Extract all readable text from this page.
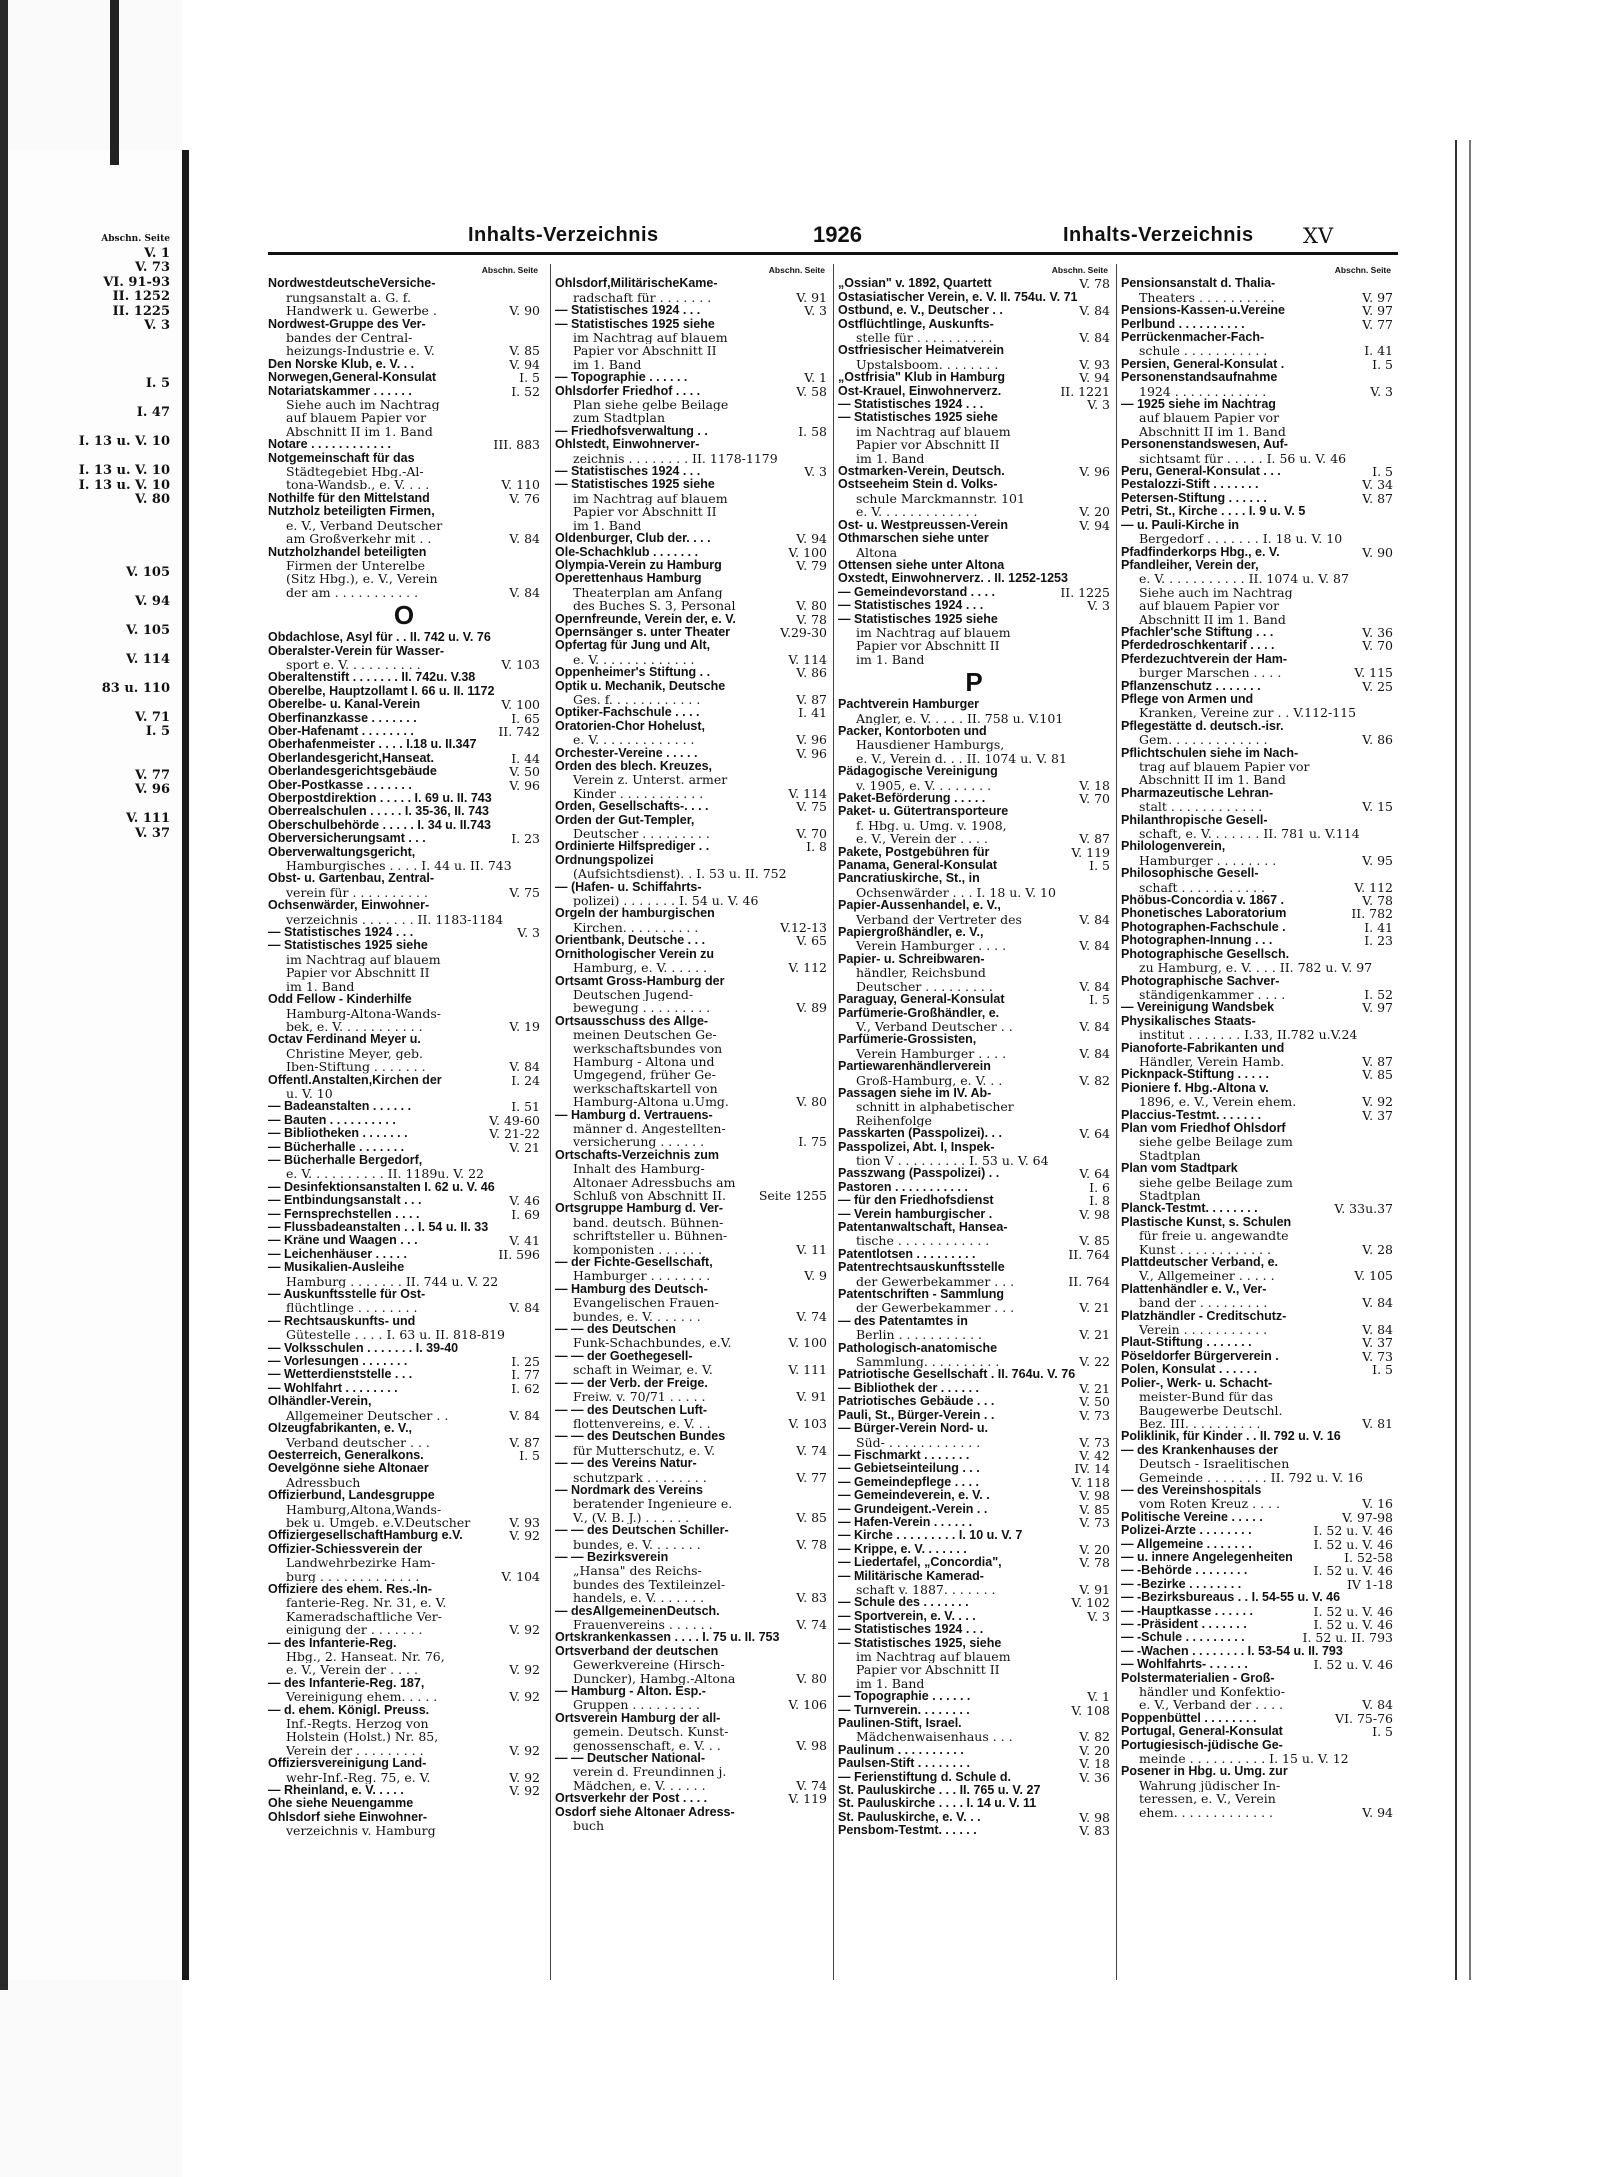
Abschn. Seite
V. 1
V. 73
VI. 91-93
II. 1252
II. 1225
V. 3
I. 5
I. 47
I. 13 u. V. 10
I. 13 u. V. 10
I. 13 u. V. 10
V. 80
V. 105
V. 94
V. 105
V. 114
83 u. 110
V. 71
I. 5
V. 77
V. 96
V. 111
V. 37
Inhalts-Verzeichnis	1926	Inhalts-Verzeichnis XV
Abschn. Seite
NordwestdeutscheVersiche-
rungsanstalt a. G. f.
V. 90
Handwerk u. Gewerbe .
Nordwest-Gruppe des Ver-
bandes der Central-
V. 85
heizungs-Industrie e. V.
V. 94
Den Norske Klub, e. V. . .
I. 5
Norwegen,General-Konsulat
I. 52
Notariatskammer . . . . . .
Siehe auch im Nachtrag
auf blauem Papier vor
Abschnitt II im 1. Band
III. 883
Notare . . . . . . . . . . . .
Notgemeinschaft für das
Städtegebiet Hbg.-Al-
V. 110
tona-Wandsb., e. V. . . .
V. 76
Nothilfe für den Mittelstand
Nutzholz beteiligten Firmen,
e. V., Verband Deutscher
V. 84
am Großverkehr mit . .
Nutzholzhandel beteiligten
Firmen der Unterelbe
(Sitz Hbg.), e. V., Verein
V. 84
der am . . . . . . . . . . .
O
Obdachlose, Asyl für . . II. 742 u. V. 76
Oberalster-Verein für Wasser-
V. 103
sport e. V. . . . . . . . . .
Oberaltenstift . . . . . . . II. 742u. V.38
Oberelbe, Hauptzollamt I. 66 u. II. 1172
V. 100
Oberelbe- u. Kanal-Verein
I. 65
Oberfinanzkasse . . . . . . .
II. 742
Ober-Hafenamt . . . . . . . .
Oberhafenmeister . . . . I.18 u. II.347
I. 44
Oberlandesgericht,Hanseat.
V. 50
Oberlandesgerichtsgebäude
V. 96
Ober-Postkasse . . . . . . .
Oberpostdirektion . . . . . I. 69 u. II. 743
Oberrealschulen . . . . . I. 35-36, II. 743
Oberschulbehörde . . . . . I. 34 u. II.743
I. 23
Oberversicherungsamt . . .
Oberverwaltungsgericht,
Hamburgisches . . . . I. 44 u. II. 743
Obst- u. Gartenbau, Zentral-
V. 75
verein für . . . . . . . . . .
Ochsenwärder, Einwohner-
verzeichnis . . . . . . . II. 1183-1184
V. 3
— Statistisches 1924 . . .
— Statistisches 1925 siehe
im Nachtrag auf blauem
Papier vor Abschnitt II
im 1. Band
Odd Fellow - Kinderhilfe
Hamburg-Altona-Wands-
V. 19
bek, e. V. . . . . . . . . . .
Octav Ferdinand Meyer u.
Christine Meyer, geb.
V. 84
Iben-Stiftung . . . . . . .
I. 24
Öffentl.Anstalten,Kirchen der
u. V. 10
I. 51
— Badeanstalten . . . . . .
V. 49-60
— Bauten . . . . . . . . . .
V. 21-22
— Bibliotheken . . . . . . .
V. 21
— Bücherhalle . . . . . . .
— Bücherhalle Bergedorf,
e. V. . . . . . . . . . II. 1189u. V. 22
— Desinfektionsanstalten I. 62 u. V. 46
V. 46
— Entbindungsanstalt . . .
I. 69
— Fernsprechstellen . . . .
— Flussbadeanstalten . . I. 54 u. II. 33
V. 41
— Kräne und Waagen . . .
II. 596
— Leichenhäuser . . . . .
— Musikalien-Ausleihe
Hamburg . . . . . . . II. 744 u. V. 22
— Auskunftsstelle für Ost-
V. 84
flüchtlinge . . . . . . . .
— Rechtsauskunfts- und
Gütestelle . . . . I. 63 u. II. 818-819
— Volksschulen . . . . . . . I. 39-40
I. 25
— Vorlesungen . . . . . . .
I. 77
— Wetterdienststelle . . .
I. 62
— Wohlfahrt . . . . . . . .
Ölhändler-Verein,
V. 84
Allgemeiner Deutscher . .
Ölzeugfabrikanten, e. V.,
V. 87
Verband deutscher . . .
I. 5
Oesterreich, Generalkons.
Oevelgönne siehe Altonaer
Adressbuch
Offizierbund, Landesgruppe
Hamburg,Altona,Wands-
V. 93
bek u. Umgeb. e.V.Deutscher
V. 92
OffiziergesellschaftHamburg e.V.
Offizier-Schiessverein der
Landwehrbezirke Ham-
V. 104
burg . . . . . . . . . . . . .
Offiziere des ehem. Res.-In-
fanterie-Reg. Nr. 31, e. V.
Kameradschaftliche Ver-
V. 92
einigung der . . . . . . .
— des Infanterie-Reg.
Hbg., 2. Hanseat. Nr. 76,
V. 92
e. V., Verein der . . . .
— des Infanterie-Reg. 187,
V. 92
Vereinigung ehem. . . . .
— d. ehem. Königl. Preuss.
Inf.-Regts. Herzog von
Holstein (Holst.) Nr. 85,
V. 92
Verein der . . . . . . . . .
Offiziersvereinigung Land-
V. 92
wehr-Inf.-Reg. 75, e. V.
V. 92
— Rheinland, e. V. . . . .
Ohe siehe Neuengamme
Ohlsdorf siehe Einwohner-
verzeichnis v. Hamburg
Abschn. Seite
Ohlsdorf,MilitärischeKame-
V. 91
radschaft für . . . . . . .
V. 3
— Statistisches 1924 . . .
— Statistisches 1925 siehe
im Nachtrag auf blauem
Papier vor Abschnitt II
im 1. Band
V. 1
— Topographie . . . . . .
V. 58
Ohlsdorfer Friedhof . . . .
Plan siehe gelbe Beilage
zum Stadtplan
I. 58
— Friedhofsverwaltung . .
Ohlstedt, Einwohnerver-
zeichnis . . . . . . . . II. 1178-1179
V. 3
— Statistisches 1924 . . .
— Statistisches 1925 siehe
im Nachtrag auf blauem
Papier vor Abschnitt II
im 1. Band
V. 94
Oldenburger, Club der. . . .
V. 100
Ole-Schachklub . . . . . . .
V. 79
Olympia-Verein zu Hamburg
Operettenhaus Hamburg
Theaterplan am Anfang
V. 80
des Buches S. 3, Personal
V. 78
Opernfreunde, Verein der, e. V.
V.29-30
Opernsänger s. unter Theater
Opfertag für Jung und Alt,
V. 114
e. V. . . . . . . . . . . . .
V. 86
Oppenheimer's Stiftung . .
Optik u. Mechanik, Deutsche
V. 87
Ges. f. . . . . . . . . . . .
I. 41
Optiker-Fachschule . . . .
Oratorien-Chor Hohelust,
V. 96
e. V. . . . . . . . . . . . .
V. 96
Orchester-Vereine . . . . .
Orden des blech. Kreuzes,
Verein z. Unterst. armer
V. 114
Kinder . . . . . . . . . . .
V. 75
Orden, Gesellschafts-. . . .
Orden der Gut-Templer,
V. 70
Deutscher . . . . . . . . .
I. 8
Ordinierte Hilfsprediger . .
Ordnungspolizei
(Aufsichtsdienst). . I. 53 u. II. 752
— (Hafen- u. Schiffahrts-
polizei) . . . . . . . I. 54 u. V. 46
Orgeln der hamburgischen
V.12-13
Kirchen. . . . . . . . . .
V. 65
Orientbank, Deutsche . . .
Ornithologischer Verein zu
V. 112
Hamburg, e. V. . . . . .
Ortsamt Gross-Hamburg der
Deutschen Jugend-
V. 89
bewegung . . . . . . . . .
Ortsausschuss des Allge-
meinen Deutschen Ge-
werkschaftsbundes von
Hamburg - Altona und
Umgegend, früher Ge-
werkschaftskartell von
V. 80
Hamburg-Altona u.Umg.
— Hamburg d. Vertrauens-
männer d. Angestellten-
I. 75
versicherung . . . . . .
Ortschafts-Verzeichnis zum
Inhalt des Hamburg-
Altonaer Adressbuchs am
Seite 1255
Schluß von Abschnitt II.
Ortsgruppe Hamburg d. Ver-
band. deutsch. Bühnen-
schriftsteller u. Bühnen-
V. 11
komponisten . . . . . .
— der Fichte-Gesellschaft,
V. 9
Hamburger . . . . . . . .
— Hamburg des Deutsch-
Evangelischen Frauen-
V. 74
bundes, e. V. . . . . . .
— — des Deutschen
V. 100
Funk-Schachbundes, e.V.
— — der Goethegesell-
V. 111
schaft in Weimar, e. V.
— — der Verb. der Freige.
V. 91
Freiw. v. 70/71 . . . . .
— — des Deutschen Luft-
V. 103
flottenvereins, e. V. . .
— — des Deutschen Bundes
V. 74
für Mutterschutz, e. V.
— — des Vereins Natur-
V. 77
schutzpark . . . . . . . .
— Nordmark des Vereins
beratender Ingenieure e.
V. 85
V., (V. B. J.) . . . . . .
— — des Deutschen Schiller-
V. 78
bundes, e. V. . . . . . .
— — Bezirksverein
„Hansa" des Reichs-
bundes des Textileinzel-
V. 83
handels, e. V. . . . . . .
— desAllgemeinenDeutsch.
V. 74
Frauenvereins . . . . . .
Ortskrankenkassen . . . . I. 75 u. II. 753
Ortsverband der deutschen
Gewerkvereine (Hirsch-
V. 80
Duncker), Hambg.-Altona
— Hamburg - Alton. Esp.-
V. 106
Gruppen . . . . . . . . .
Ortsverein Hamburg der all-
gemein. Deutsch. Kunst-
V. 98
genossenschaft, e. V. . .
— — Deutscher National-
verein d. Freundinnen j.
V. 74
Mädchen, e. V. . . . . .
V. 119
Ortsverkehr der Post . . . .
Osdorf siehe Altonaer Adress-
buch
Abschn. Seite
V. 78
„Ossian" v. 1892, Quartett
Ostasiatischer Verein, e. V. II. 754u. V. 71
V. 84
Ostbund, e. V., Deutscher . .
Ostflüchtlinge, Auskunfts-
V. 84
stelle für . . . . . . . . . .
Ostfriesischer Heimatverein
V. 93
Upstalsboom. . . . . . . .
V. 94
„Ostfrisia" Klub in Hamburg
II. 1221
Ost-Krauel, Einwohnerverz.
V. 3
— Statistisches 1924 . . .
— Statistisches 1925 siehe
im Nachtrag auf blauem
Papier vor Abschnitt II
im 1. Band
V. 96
Ostmarken-Verein, Deutsch.
Ostseeheim Stein d. Volks-
schule Marckmannstr. 101
V. 20
e. V. . . . . . . . . . . . .
V. 94
Ost- u. Westpreussen-Verein
Othmarschen siehe unter
Altona
Ottensen siehe unter Altona
Oxstedt, Einwohnerverz. . II. 1252-1253
II. 1225
— Gemeindevorstand . . . .
V. 3
— Statistisches 1924 . . .
— Statistisches 1925 siehe
im Nachtrag auf blauem
Papier vor Abschnitt II
im 1. Band
P
Pachtverein Hamburger
Angler, e. V. . . . . II. 758 u. V.101
Packer, Kontorboten und
Hausdiener Hamburgs,
e. V., Verein d. . . II. 1074 u. V. 81
Pädagogische Vereinigung
V. 18
v. 1905, e. V. . . . . . . .
V. 70
Paket-Beförderung . . . . .
Paket- u. Gütertransporteure
f. Hbg. u. Umg. v. 1908,
V. 87
e. V., Verein der . . . .
V. 119
Pakete, Postgebühren für
I. 5
Panama, General-Konsulat
Pancratiuskirche, St., in
Ochsenwärder . . . I. 18 u. V. 10
Papier-Aussenhandel, e. V.,
V. 84
Verband der Vertreter des
Papiergroßhändler, e. V.,
V. 84
Verein Hamburger . . . .
Papier- u. Schreibwaren-
händler, Reichsbund
V. 84
Deutscher . . . . . . . . .
I. 5
Paraguay, General-Konsulat
Parfümerie-Großhändler, e.
V. 84
V., Verband Deutscher . .
Parfümerie-Grossisten,
V. 84
Verein Hamburger . . . .
Partiewarenhändlerverein
V. 82
Groß-Hamburg, e. V. . .
Passagen siehe im IV. Ab-
schnitt in alphabetischer
Reihenfolge
V. 64
Passkarten (Passpolizei). . .
Passpolizei, Abt. I, Inspek-
tion V . . . . . . . . . I. 53 u. V. 64
V. 64
Passzwang (Passpolizei) . .
I. 6
Pastoren . . . . . . . . . . .
I. 8
— für den Friedhofsdienst
V. 98
— Verein hamburgischer .
Patentanwaltschaft, Hansea-
V. 85
tische . . . . . . . . . . . .
II. 764
Patentlotsen . . . . . . . . .
Patentrechtsauskunftsstelle
II. 764
der Gewerbekammer . . .
Patentschriften - Sammlung
V. 21
der Gewerbekammer . . .
— des Patentamtes in
V. 21
Berlin . . . . . . . . . . .
Pathologisch-anatomische
V. 22
Sammlung. . . . . . . . . .
Patriotische Gesellschaft . II. 764u. V. 76
V. 21
— Bibliothek der . . . . . .
V. 50
Patriotisches Gebäude . . .
V. 73
Pauli, St., Bürger-Verein . .
— Bürger-Verein Nord- u.
V. 73
Süd- . . . . . . . . . . . .
V. 42
— Fischmarkt . . . . . . .
IV. 14
— Gebietseinteilung . . .
V. 118
— Gemeindepflege . . . .
V. 98
— Gemeindeverein, e. V. .
V. 85
— Grundeigent.-Verein . .
V. 73
— Hafen-Verein . . . . . .
— Kirche . . . . . . . . . I. 10 u. V. 7
V. 20
— Krippe, e. V. . . . . . .
V. 78
— Liedertafel, „Concordia",
— Militärische Kamerad-
V. 91
schaft v. 1887. . . . . . .
V. 102
— Schule des . . . . . . .
V. 3
— Sportverein, e. V. . . .
— Statistisches 1924 . . .
— Statistisches 1925, siehe
im Nachtrag auf blauem
Papier vor Abschnitt II
im 1. Band
V. 1
— Topographie . . . . . .
V. 108
— Turnverein. . . . . . . .
Paulinen-Stift, Israel.
V. 82
Mädchenwaisenhaus . . .
V. 20
Paulinum . . . . . . . . . .
V. 18
Paulsen-Stift . . . . . . . .
V. 36
— Ferienstiftung d. Schule d.
St. Pauluskirche . . . II. 765 u. V. 27
St. Pauluskirche . . . . I. 14 u. V. 11
V. 98
St. Pauluskirche, e. V. . .
V. 83
Pensbom-Testmt. . . . . .
Abschn. Seite
Pensionsanstalt d. Thalia-
V. 97
Theaters . . . . . . . . . .
V. 97
Pensions-Kassen-u.Vereine
V. 77
Perlbund . . . . . . . . . .
Perrückenmacher-Fach-
I. 41
schule . . . . . . . . . . .
I. 5
Persien, General-Konsulat .
Personenstandsaufnahme
V. 3
1924 . . . . . . . . . . . .
— 1925 siehe im Nachtrag
auf blauem Papier vor
Abschnitt II im 1. Band
Personenstandswesen, Auf-
sichtsamt für . . . . . I. 56 u. V. 46
I. 5
Peru, General-Konsulat . . .
V. 34
Pestalozzi-Stift . . . . . . .
V. 87
Petersen-Stiftung . . . . . .
Petri, St., Kirche . . . . I. 9 u. V. 5
— u. Pauli-Kirche in
Bergedorf . . . . . . . I. 18 u. V. 10
V. 90
Pfadfinderkorps Hbg., e. V.
Pfandleiher, Verein der,
e. V. . . . . . . . . . . II. 1074 u. V. 87
Siehe auch im Nachtrag
auf blauem Papier vor
Abschnitt II im 1. Band
V. 36
Pfachler'sche Stiftung . . .
V. 70
Pferdedroschkentarif . . . .
Pferdezuchtverein der Ham-
V. 115
burger Marschen . . . .
V. 25
Pflanzenschutz . . . . . . .
Pflege von Armen und
Kranken, Vereine zur . . V.112-115
Pflegestätte d. deutsch.-isr.
V. 86
Gem. . . . . . . . . . . . .
Pflichtschulen siehe im Nach-
trag auf blauem Papier vor
Abschnitt II im 1. Band
Pharmazeutische Lehran-
V. 15
stalt . . . . . . . . . . . .
Philanthropische Gesell-
schaft, e. V. . . . . . . II. 781 u. V.114
Philologenverein,
V. 95
Hamburger . . . . . . . .
Philosophische Gesell-
V. 112
schaft . . . . . . . . . . .
V. 78
Phöbus-Concordia v. 1867 .
II. 782
Phonetisches Laboratorium
I. 41
Photographen-Fachschule .
I. 23
Photographen-Innung . . .
Photographische Gesellsch.
zu Hamburg, e. V. . . . II. 782 u. V. 97
Photographische Sachver-
I. 52
ständigenkammer . . . .
V. 97
— Vereinigung Wandsbek
Physikalisches Staats-
institut . . . . . . . I.33, II.782 u.V.24
Pianoforte-Fabrikanten und
V. 87
Händler, Verein Hamb.
V. 85
Picknpack-Stiftung . . . . .
Pioniere f. Hbg.-Altona v.
V. 92
1896, e. V., Verein ehem.
V. 37
Placcius-Testmt. . . . . . .
Plan vom Friedhof Ohlsdorf
siehe gelbe Beilage zum
Stadtplan
Plan vom Stadtpark
siehe gelbe Beilage zum
Stadtplan
V. 33u.37
Planck-Testmt. . . . . . . .
Plastische Kunst, s. Schulen
für freie u. angewandte
V. 28
Kunst . . . . . . . . . . . .
Plattdeutscher Verband, e.
V. 105
V., Allgemeiner . . . . .
Plattenhändler e. V., Ver-
V. 84
band der . . . . . . . . .
Platzhändler - Creditschutz-
V. 84
Verein . . . . . . . . . . .
V. 37
Plaut-Stiftung . . . . . . .
V. 73
Pöseldorfer Bürgerverein .
I. 5
Polen, Konsulat . . . . . .
Polier-, Werk- u. Schacht-
meister-Bund für das
Baugewerbe Deutschl.
V. 81
Bez. III. . . . . . . . . .
Poliklinik, für Kinder . . II. 792 u. V. 16
— des Krankenhauses der
Deutsch - Israelitischen
Gemeinde . . . . . . . . II. 792 u. V. 16
— des Vereinshospitals
V. 16
vom Roten Kreuz . . . .
V. 97-98
Politische Vereine . . . . .
I. 52 u. V. 46
Polizei-Ärzte . . . . . . . .
I. 52 u. V. 46
— Allgemeine . . . . . . .
I. 52-58
— u. innere Angelegenheiten
I. 52 u. V. 46
— -Behörde . . . . . . . .
IV 1-18
— -Bezirke . . . . . . . .
— -Bezirksbureaus . . I. 54-55 u. V. 46
I. 52 u. V. 46
— -Hauptkasse . . . . . .
I. 52 u. V. 46
— -Präsident . . . . . . .
I. 52 u. II. 793
— -Schule . . . . . . . . .
— -Wachen . . . . . . . . I. 53-54 u. II. 793
I. 52 u. V. 46
— Wohlfahrts- . . . . . .
Polstermaterialien - Groß-
händler und Konfektio-
V. 84
e. V., Verband der . . . .
VI. 75-76
Poppenbüttel . . . . . . . .
I. 5
Portugal, General-Konsulat
Portugiesisch-jüdische Ge-
meinde . . . . . . . . . . I. 15 u. V. 12
Posener in Hbg. u. Umg. zur
Wahrung jüdischer In-
teressen, e. V., Verein
V. 94
ehem. . . . . . . . . . . . .
